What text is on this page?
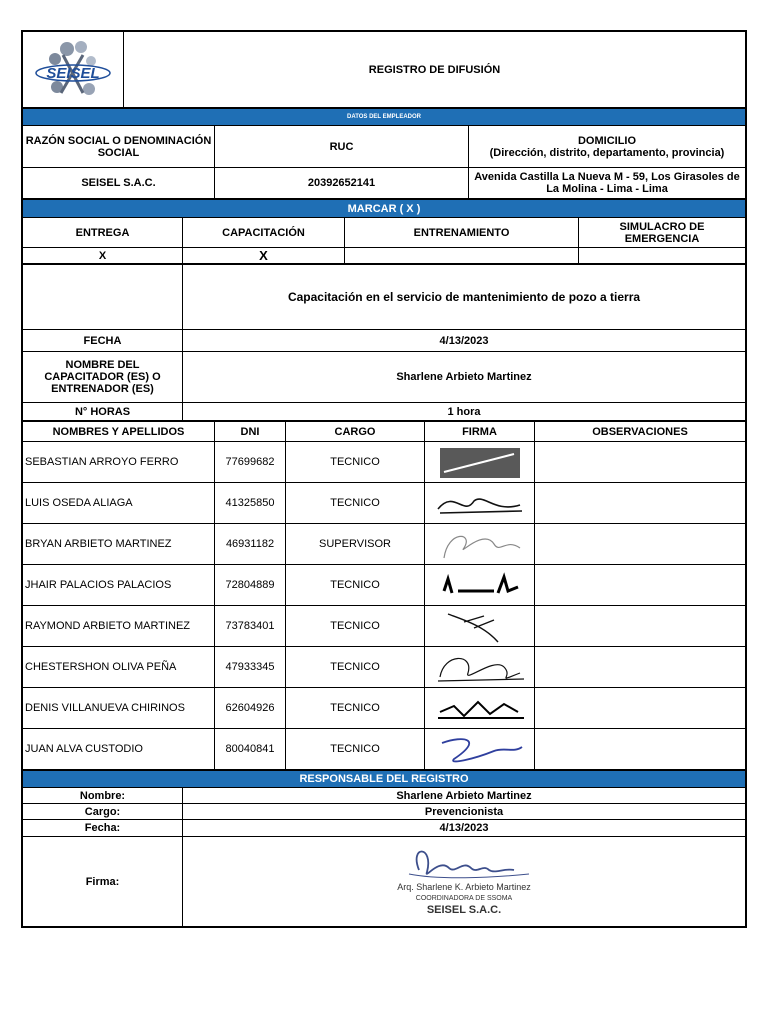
SEISEL	REGISTRO DE DIFUSIÓN
DATOS DEL EMPLEADOR		
RAZÓN SOCIAL O DENOMINACIÓN SOCIAL	RUC	DOMICILIO
(Dirección, distrito, departamento, provincia)

SEISEL S.A.C.	20392652141	Avenida Castilla La Nueva M - 59, Los Girasoles de La Molina - Lima - Lima
MARCAR ( X )			
ENTREGA	CAPACITACIÓN	ENTRENAMIENTO	SIMULACRO DE EMERGENCIA
X	X		
	Capacitación en el servicio de mantenimiento de pozo a tierra
FECHA	4/13/2023
NOMBRE DEL CAPACITADOR (ES) O ENTRENADOR (ES)	Sharlene Arbieto Martinez
N° HORAS	1 hora
NOMBRES Y APELLIDOS	DNI	CARGO	FIRMA	OBSERVACIONES
SEBASTIAN ARROYO FERRO	77699682	TECNICO	

LUIS OSEDA ALIAGA	41325850	TECNICO	

BRYAN ARBIETO MARTINEZ	46931182	SUPERVISOR	

JHAIR PALACIOS PALACIOS	72804889	TECNICO	

RAYMOND ARBIETO MARTINEZ	73783401	TECNICO	

CHESTERSHON OLIVA PEÑA	47933345	TECNICO	

DENIS VILLANUEVA CHIRINOS	62604926	TECNICO	

JUAN ALVA CUSTODIO	80040841	TECNICO	

RESPONSABLE DEL REGISTRO	
Nombre:	Sharlene Arbieto Martinez
Cargo:	Prevencionista
Fecha:	4/13/2023
Firma:	Arq. Sharlene K. Arbieto Martinez
COORDINADORA DE SSOMA
SEISEL S.A.C.
